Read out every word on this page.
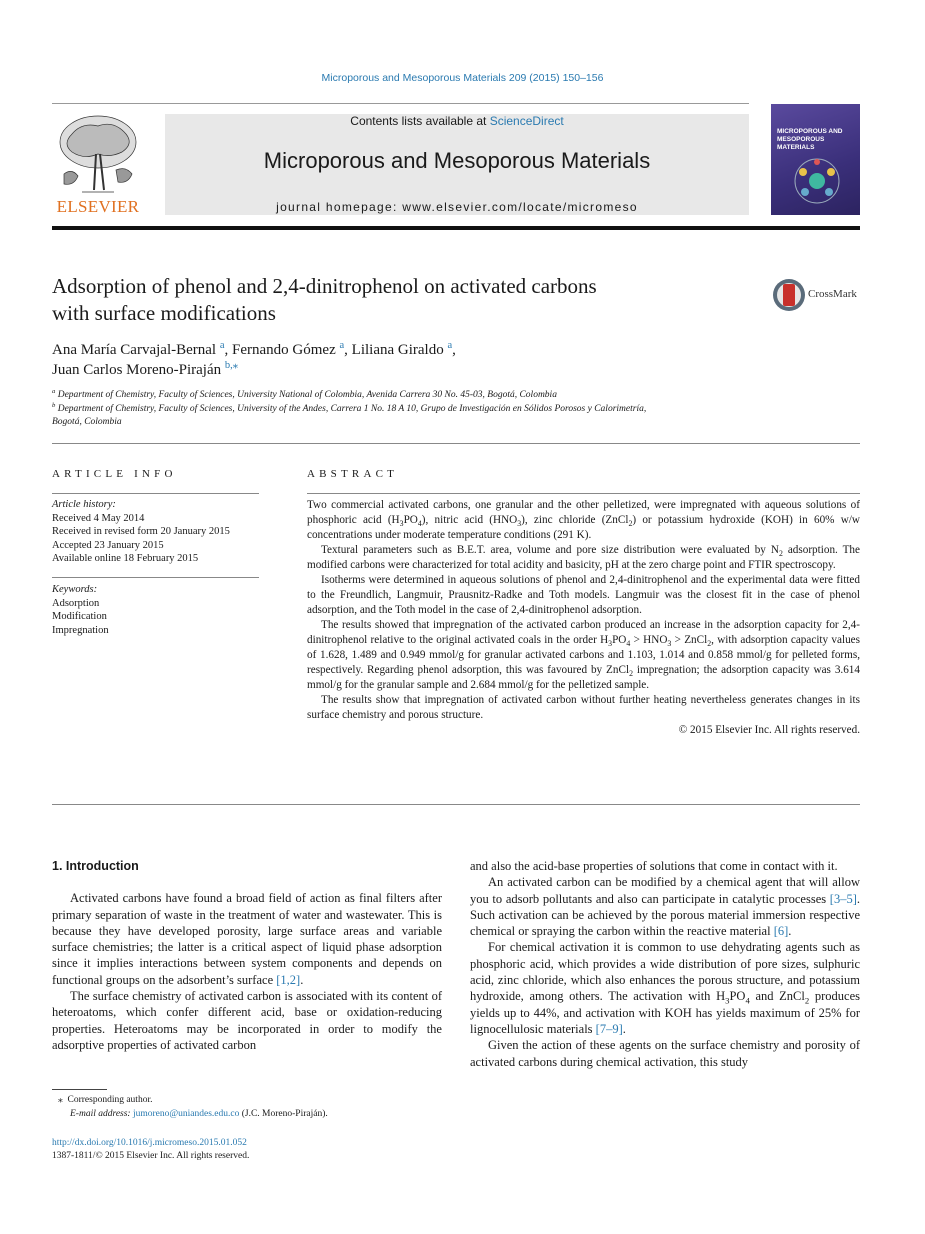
Microporous and Mesoporous Materials 209 (2015) 150–156
ELSEVIER
Contents lists available at ScienceDirect
Microporous and Mesoporous Materials
journal homepage: www.elsevier.com/locate/micromeso
MICROPOROUS AND MESOPOROUS MATERIALS
Adsorption of phenol and 2,4-dinitrophenol on activated carbons
with surface modifications
CrossMark
Ana María Carvajal-Bernal $^a$, Fernando Gómez $^a$, Liliana Giraldo $^a$,
Juan Carlos Moreno-Piraján $^{b,⁎}$
$^a$ Department of Chemistry, Faculty of Sciences, University National of Colombia, Avenida Carrera 30 No. 45-03, Bogotá, Colombia
$^b$ Department of Chemistry, Faculty of Sciences, University of the Andes, Carrera 1 No. 18 A 10, Grupo de Investigación en Sólidos Porosos y Calorimetría,
Bogotá, Colombia
ARTICLE INFO
Article history:
Received 4 May 2014
Received in revised form 20 January 2015
Accepted 23 January 2015
Available online 18 February 2015
Keywords:
Adsorption
Modification
Impregnation
ABSTRACT

Two commercial activated carbons, one granular and the other pelletized, were impregnated with aqueous solutions of phosphoric acid $(H_3PO_4)$, nitric acid $(HNO_3)$, zinc chloride (ZnCl$_2$) or potassium hydroxide (KOH) in 60% w/w concentrations under moderate temperature conditions (291 K).

Textural parameters such as B.E.T. area, volume and pore size distribution were evaluated by $N_2$ adsorption. The modified carbons were characterized for total acidity and basicity, pH at the zero charge point and FTIR spectroscopy.

Isotherms were determined in aqueous solutions of phenol and 2,4-dinitrophenol and the experimental data were fitted to the Freundlich, Langmuir, Prausnitz-Radke and Toth models. Langmuir was the closest fit in the case of phenol adsorption, and the Toth model in the case of 2,4-dinitrophenol adsorption.

The results showed that impregnation of the activated carbon produced an increase in the adsorption capacity for 2,4-dinitrophenol relative to the original activated coals in the order $H_3PO_4 > HNO_3$ > ZnCl$_2$, with adsorption capacity values of 1.628, 1.489 and 0.949 mmol/g for granular activated carbons and 1.103, 1.014 and 0.858 mmol/g for pelleted forms, respectively. Regarding phenol adsorption, this was favoured by ZnCl$_2$ impregnation; the adsorption capacity was 3.614 mmol/g for the granular sample and 2.684 mmol/g for the pelletized sample.

The results show that impregnation of activated carbon without further heating nevertheless generates changes in its surface chemistry and porous structure.

© 2015 Elsevier Inc. All rights reserved.

1. Introduction

Activated carbons have found a broad field of action as final filters after primary separation of waste in the treatment of water and wastewater. This is because they have developed porosity, large surface areas and variable surface chemistries; the latter is a critical aspect of liquid phase adsorption since it implies interactions between system components and depends on functional groups on the adsorbent’s surface [1,2].

The surface chemistry of activated carbon is associated with its content of heteroatoms, which confer different acid, base or oxidation-reducing properties. Heteroatoms may be incorporated in order to modify the adsorptive properties of activated carbon

and also the acid-base properties of solutions that come in contact with it.

An activated carbon can be modified by a chemical agent that will allow you to adsorb pollutants and also can participate in catalytic processes [3–5]. Such activation can be achieved by the porous material immersion respective chemical or spraying the carbon within the reactive material [6].

For chemical activation it is common to use dehydrating agents such as phosphoric acid, which provides a wide distribution of pore sizes, sulphuric acid, zinc chloride, which also enhances the porous structure, and potassium hydroxide, among others. The activation with $H_3PO_4$ and ZnCl$_2$ produces yields up to 44%, and activation with KOH has yields maximum of 25% for lignocellulosic materials [7–9].

Given the action of these agents on the surface chemistry and porosity of activated carbons during chemical activation, this study

⁎  Corresponding author.
E-mail address: jumoreno@uniandes.edu.co (J.C. Moreno-Piraján).
http://dx.doi.org/10.1016/j.micromeso.2015.01.052
1387-1811/© 2015 Elsevier Inc. All rights reserved.
